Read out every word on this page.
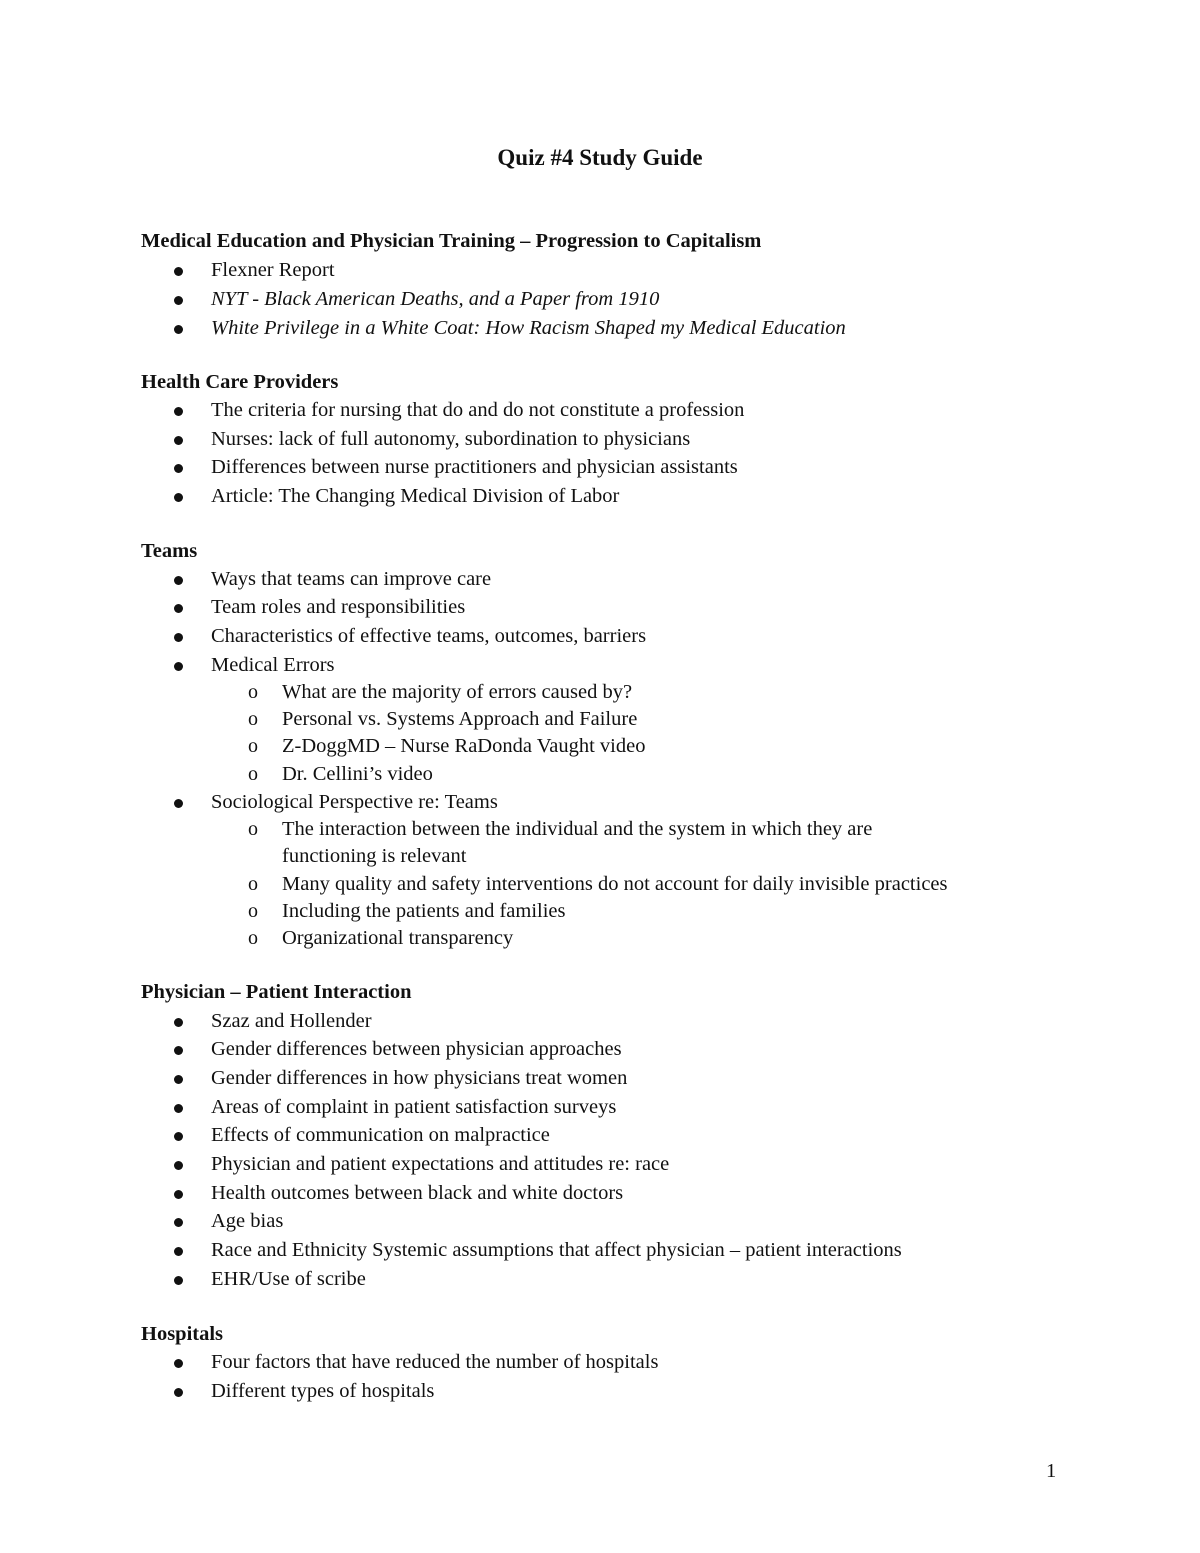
Quiz #4 Study Guide
Medical Education and Physician Training – Progression to Capitalism
Flexner Report
NYT - Black American Deaths, and a Paper from 1910
White Privilege in a White Coat: How Racism Shaped my Medical Education
Health Care Providers
The criteria for nursing that do and do not constitute a profession
Nurses: lack of full autonomy, subordination to physicians
Differences between nurse practitioners and physician assistants
Article: The Changing Medical Division of Labor
Teams
Ways that teams can improve care
Team roles and responsibilities
Characteristics of effective teams, outcomes, barriers
Medical Errors
o What are the majority of errors caused by?
o Personal vs. Systems Approach and Failure
o Z-DoggMD – Nurse RaDonda Vaught video
o Dr. Cellini’s video
Sociological Perspective re: Teams
o The interaction between the individual and the system in which they are
functioning is relevant
o Many quality and safety interventions do not account for daily invisible practices
o Including the patients and families
o Organizational transparency
Physician – Patient Interaction
Szaz and Hollender
Gender differences between physician approaches
Gender differences in how physicians treat women
Areas of complaint in patient satisfaction surveys
Effects of communication on malpractice
Physician and patient expectations and attitudes re: race
Health outcomes between black and white doctors
Age bias
Race and Ethnicity Systemic assumptions that affect physician – patient interactions
EHR/Use of scribe
Hospitals
Four factors that have reduced the number of hospitals
Different types of hospitals
1
